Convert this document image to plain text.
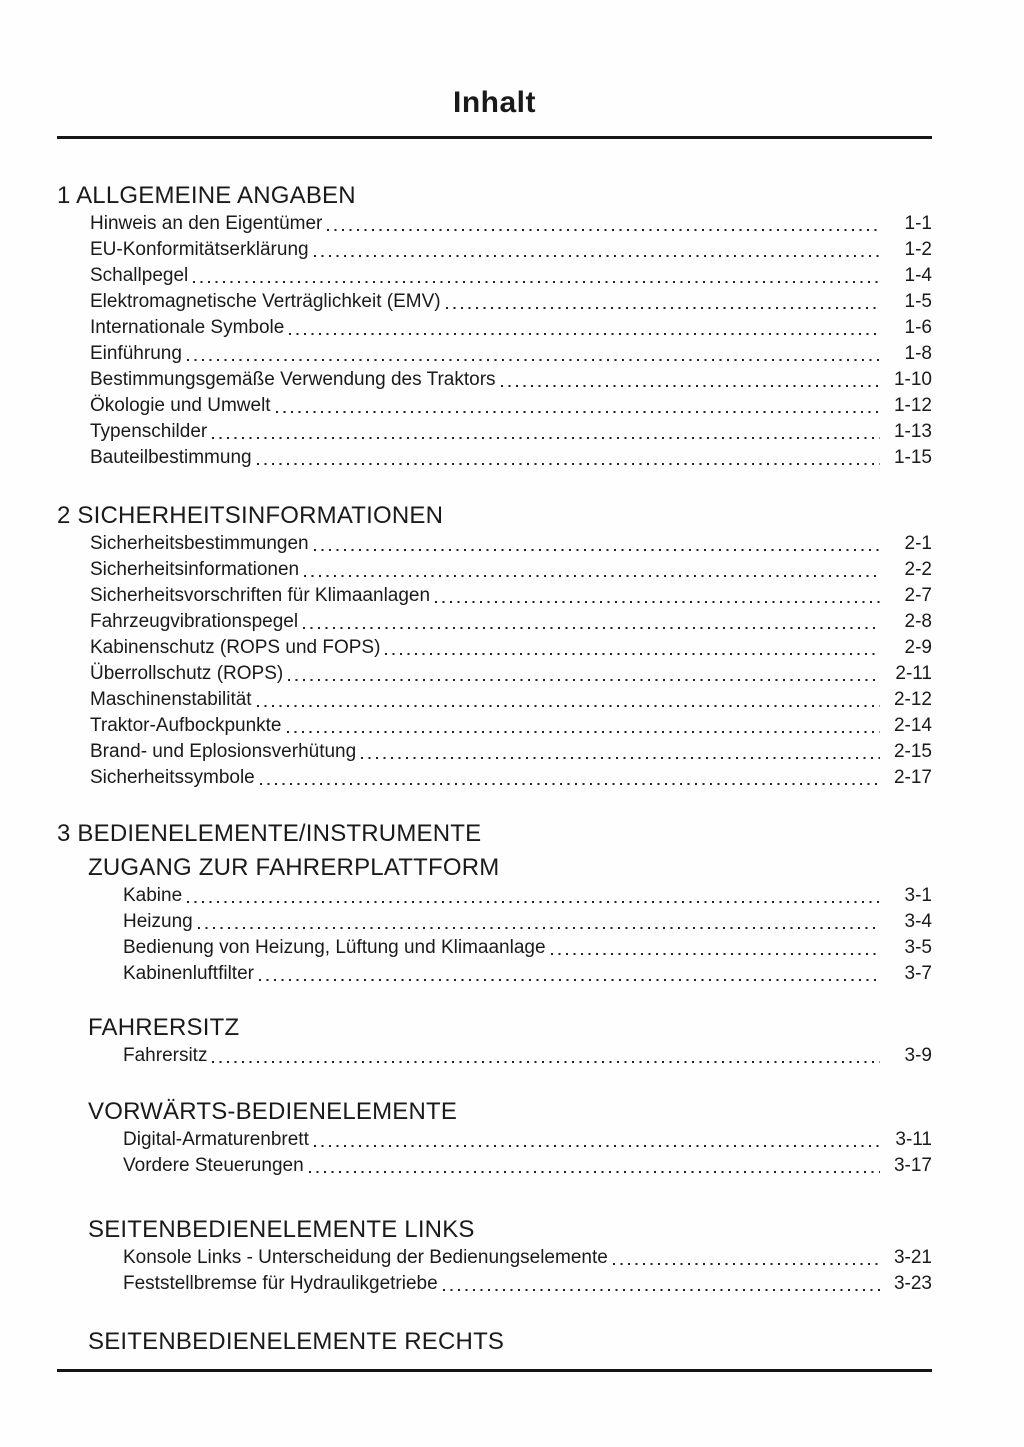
Inhalt
1 ALLGEMEINE ANGABEN
Hinweis an den Eigentümer	1-1
EU-Konformitätserklärung	1-2
Schallpegel	1-4
Elektromagnetische Verträglichkeit (EMV)	1-5
Internationale Symbole	1-6
Einführung	1-8
Bestimmungsgemäße Verwendung des Traktors	1-10
Ökologie und Umwelt	1-12
Typenschilder	1-13
Bauteilbestimmung	1-15
2 SICHERHEITSINFORMATIONEN
Sicherheitsbestimmungen	2-1
Sicherheitsinformationen	2-2
Sicherheitsvorschriften für Klimaanlagen	2-7
Fahrzeugvibrationspegel	2-8
Kabinenschutz (ROPS und FOPS)	2-9
Überrollschutz (ROPS)	2-11
Maschinenstabilität	2-12
Traktor-Aufbockpunkte	2-14
Brand- und Eplosionsverhütung	2-15
Sicherheitssymbole	2-17
3 BEDIENELEMENTE/INSTRUMENTE
ZUGANG ZUR FAHRERPLATTFORM
Kabine	3-1
Heizung	3-4
Bedienung von Heizung, Lüftung und Klimaanlage	3-5
Kabinenluftfilter	3-7
FAHRERSITZ
Fahrersitz	3-9
VORWÄRTS-BEDIENELEMENTE
Digital-Armaturenbrett	3-11
Vordere Steuerungen	3-17
SEITENBEDIENELEMENTE LINKS
Konsole Links - Unterscheidung der Bedienungselemente	3-21
Feststellbremse für Hydraulikgetriebe	3-23
SEITENBEDIENELEMENTE RECHTS
